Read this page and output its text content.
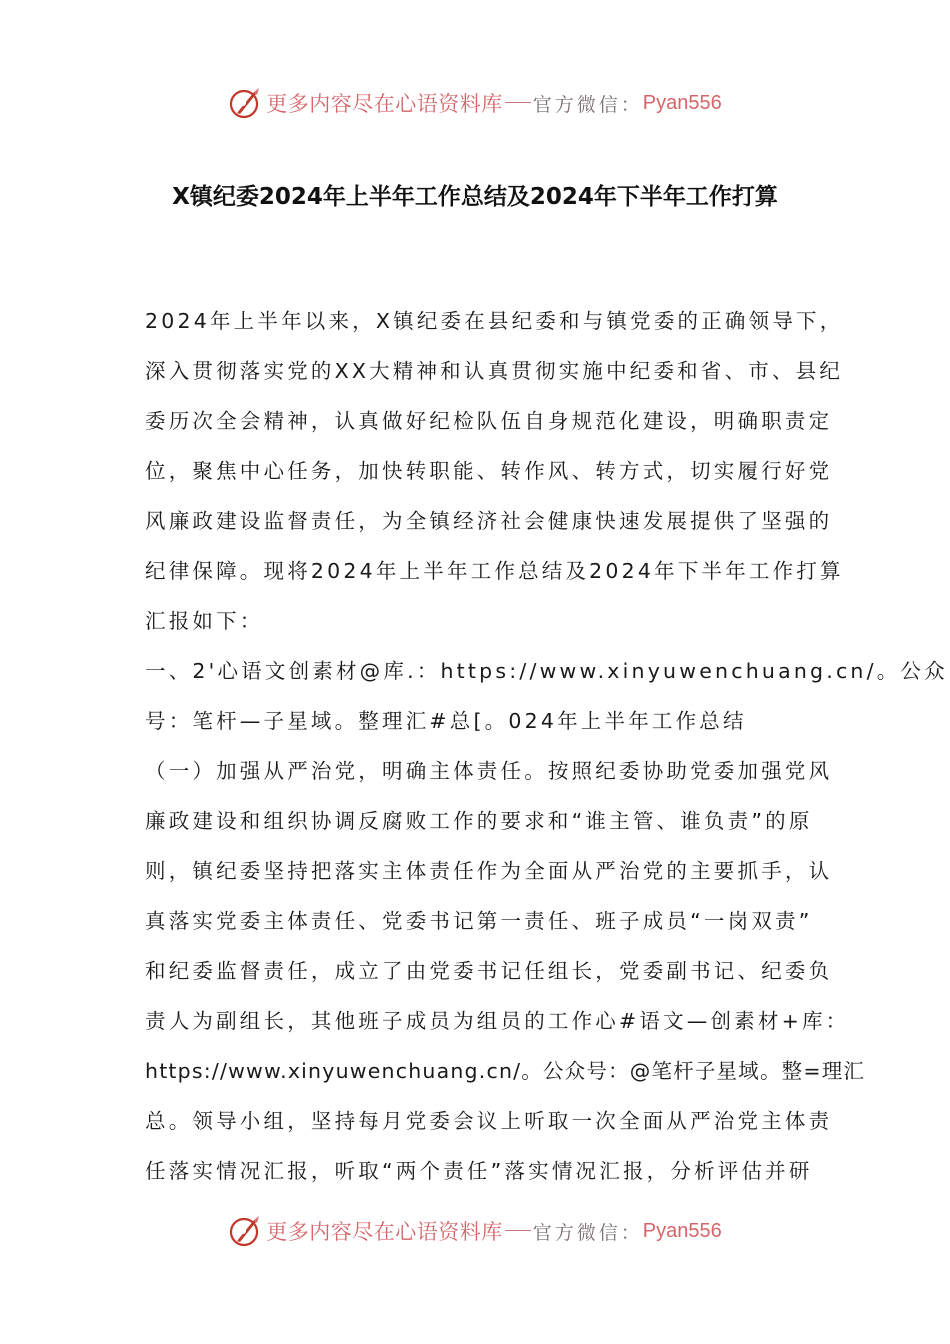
更多内容尽在心语资料库 官方微信： Pyan556
X镇纪委2024年上半年工作总结及2024年下半年工作打算
2024年上半年以来，X镇纪委在县纪委和与镇党委的正确领导下，
深入贯彻落实党的XX大精神和认真贯彻实施中纪委和省、市、县纪
委历次全会精神，认真做好纪检队伍自身规范化建设，明确职责定
位，聚焦中心任务，加快转职能、转作风、转方式，切实履行好党
风廉政建设监督责任，为全镇经济社会健康快速发展提供了坚强的
纪律保障。现将2024年上半年工作总结及2024年下半年工作打算
汇报如下：
一、2'心语文创素材@库.：https://www.xinyuwenchuang.cn/。公众
号：笔杆—子星域。整理汇#总[。024年上半年工作总结
（一）加强从严治党，明确主体责任。按照纪委协助党委加强党风
廉政建设和组织协调反腐败工作的要求和“谁主管、谁负责”的原
则，镇纪委坚持把落实主体责任作为全面从严治党的主要抓手，认
真落实党委主体责任、党委书记第一责任、班子成员“一岗双责”
和纪委监督责任，成立了由党委书记任组长，党委副书记、纪委负
责人为副组长，其他班子成员为组员的工作心#语文—创素材+库：
https://www.xinyuwenchuang.cn/。公众号：@笔杆子星域。整=理汇
总。领导小组，坚持每月党委会议上听取一次全面从严治党主体责
任落实情况汇报，听取“两个责任”落实情况汇报，分析评估并研
更多内容尽在心语资料库 官方微信： Pyan556
